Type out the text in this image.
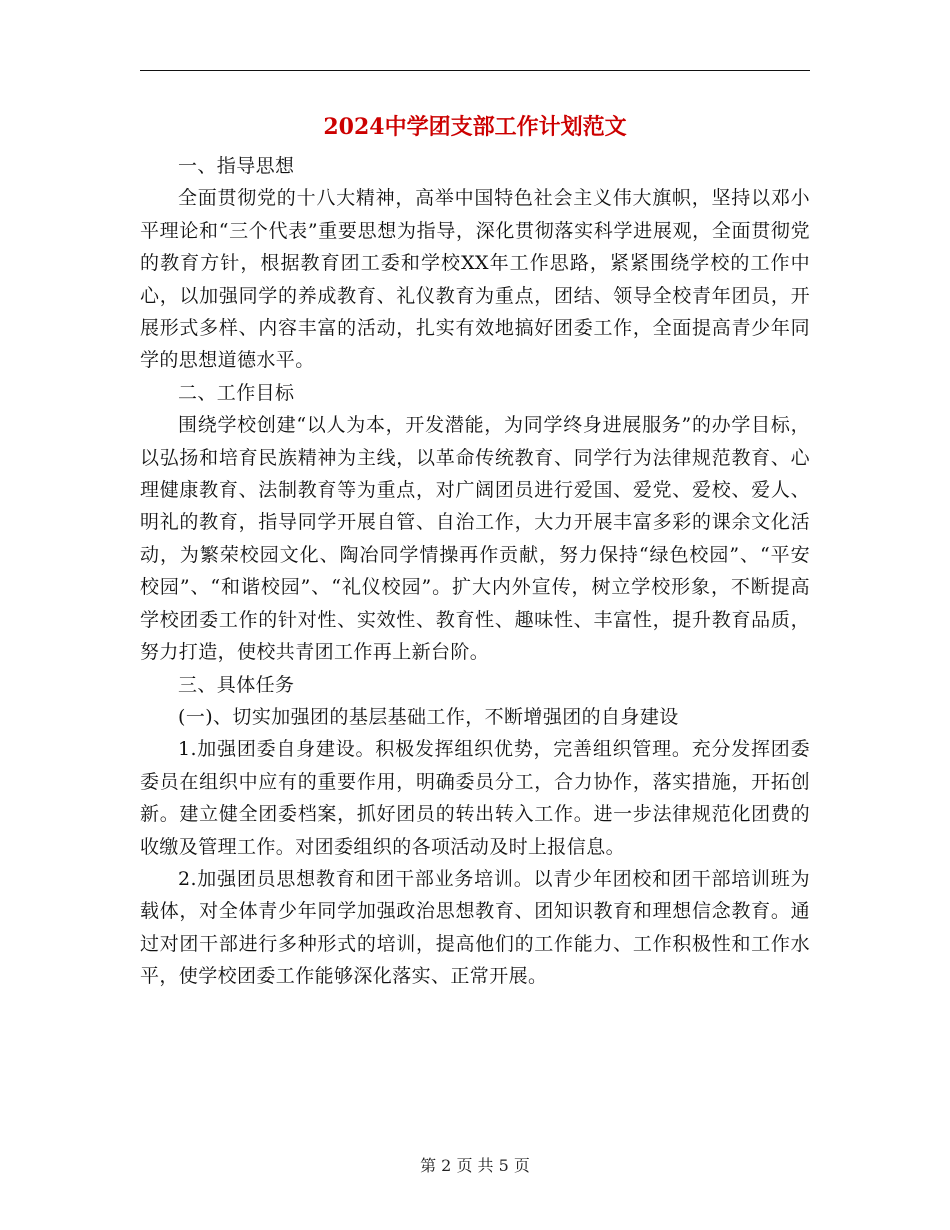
2024中学团支部工作计划范文

一、指导思想

全面贯彻党的十八大精神，高举中国特色社会主义伟大旗帜，坚持以邓小平理论和“三个代表”重要思想为指导，深化贯彻落实科学进展观，全面贯彻党的教育方针，根据教育团工委和学校XX年工作思路，紧紧围绕学校的工作中心，以加强同学的养成教育、礼仪教育为重点，团结、领导全校青年团员，开展形式多样、内容丰富的活动，扎实有效地搞好团委工作，全面提高青少年同学的思想道德水平。

二、工作目标

围绕学校创建“以人为本，开发潜能，为同学终身进展服务”的办学目标，以弘扬和培育民族精神为主线，以革命传统教育、同学行为法律规范教育、心理健康教育、法制教育等为重点，对广阔团员进行爱国、爱党、爱校、爱人、明礼的教育，指导同学开展自管、自治工作，大力开展丰富多彩的课余文化活动，为繁荣校园文化、陶冶同学情操再作贡献，努力保持“绿色校园”、“平安校园”、“和谐校园”、“礼仪校园”。扩大内外宣传，树立学校形象，不断提高学校团委工作的针对性、实效性、教育性、趣味性、丰富性，提升教育品质，努力打造，使校共青团工作再上新台阶。

三、具体任务

(一)、切实加强团的基层基础工作，不断增强团的自身建设

1.加强团委自身建设。积极发挥组织优势，完善组织管理。充分发挥团委委员在组织中应有的重要作用，明确委员分工，合力协作，落实措施，开拓创新。建立健全团委档案，抓好团员的转出转入工作。进一步法律规范化团费的收缴及管理工作。对团委组织的各项活动及时上报信息。

2.加强团员思想教育和团干部业务培训。以青少年团校和团干部培训班为载体，对全体青少年同学加强政治思想教育、团知识教育和理想信念教育。通过对团干部进行多种形式的培训，提高他们的工作能力、工作积极性和工作水平，使学校团委工作能够深化落实、正常开展。

第 2 页 共 5 页
